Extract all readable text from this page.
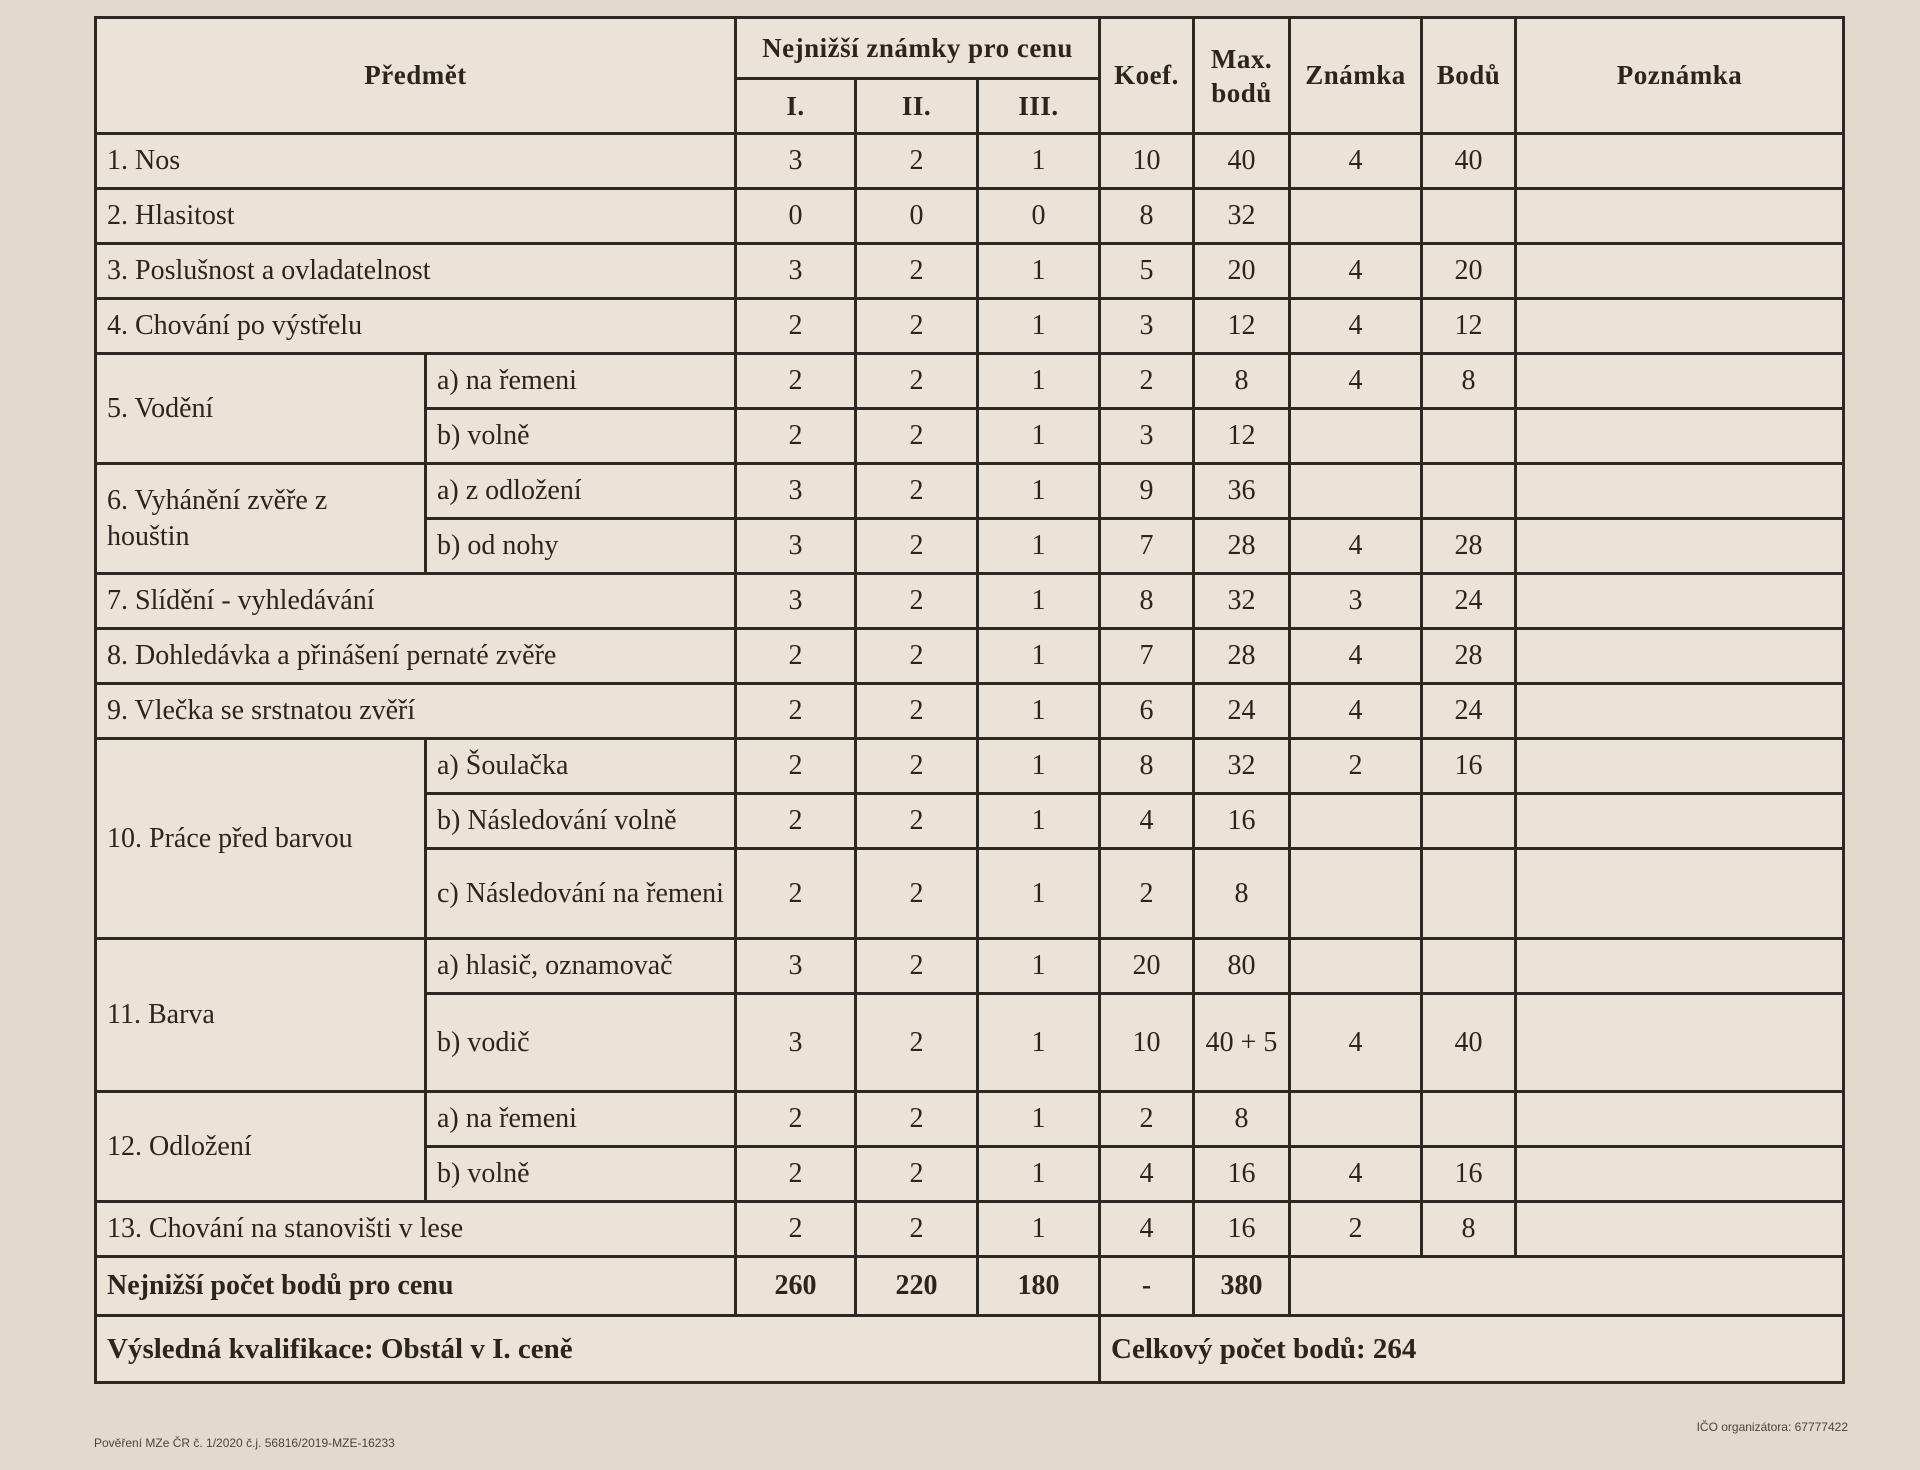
Předmět		Nejnižší známky pro cenu			Koef.	Max. bodů	Známka	Bodů	Poznámka
		I.	II.	III.					
1. Nos		3	2	1	10	40	4	40	
2. Hlasitost		0	0	0	8	32			
3. Poslušnost a ovladatelnost		3	2	1	5	20	4	20	
4. Chování po výstřelu		2	2	1	3	12	4	12	
5. Vodění	a) na řemeni	2	2	1	2	8	4	8	
	b) volně	2	2	1	3	12			
6. Vyhánění zvěře z houštin	a) z odložení	3	2	1	9	36			
	b) od nohy	3	2	1	7	28	4	28	
7. Slídění - vyhledávání		3	2	1	8	32	3	24	
8. Dohledávka a přinášení pernaté zvěře		2	2	1	7	28	4	28	
9. Vlečka se srstnatou zvěří		2	2	1	6	24	4	24	
10. Práce před barvou	a) Šoulačka	2	2	1	8	32	2	16	
	b) Následování volně	2	2	1	4	16			
	c) Následování na řemeni	2	2	1	2	8			
11. Barva	a) hlasič, oznamovač	3	2	1	20	80			
	b) vodič	3	2	1	10	40 + 5	4	40	
12. Odložení	a) na řemeni	2	2	1	2	8			
	b) volně	2	2	1	4	16	4	16	
13. Chování na stanovišti v lese		2	2	1	4	16	2	8	
Nejnižší počet bodů pro cenu		260	220	180	-	380			
Výsledná kvalifikace: Obstál v I. ceně					Celkový počet bodů: 264				
Pověření MZe ČR č. 1/2020 č.j. 56816/2019-MZE-16233
IČO organizátora: 67777422
